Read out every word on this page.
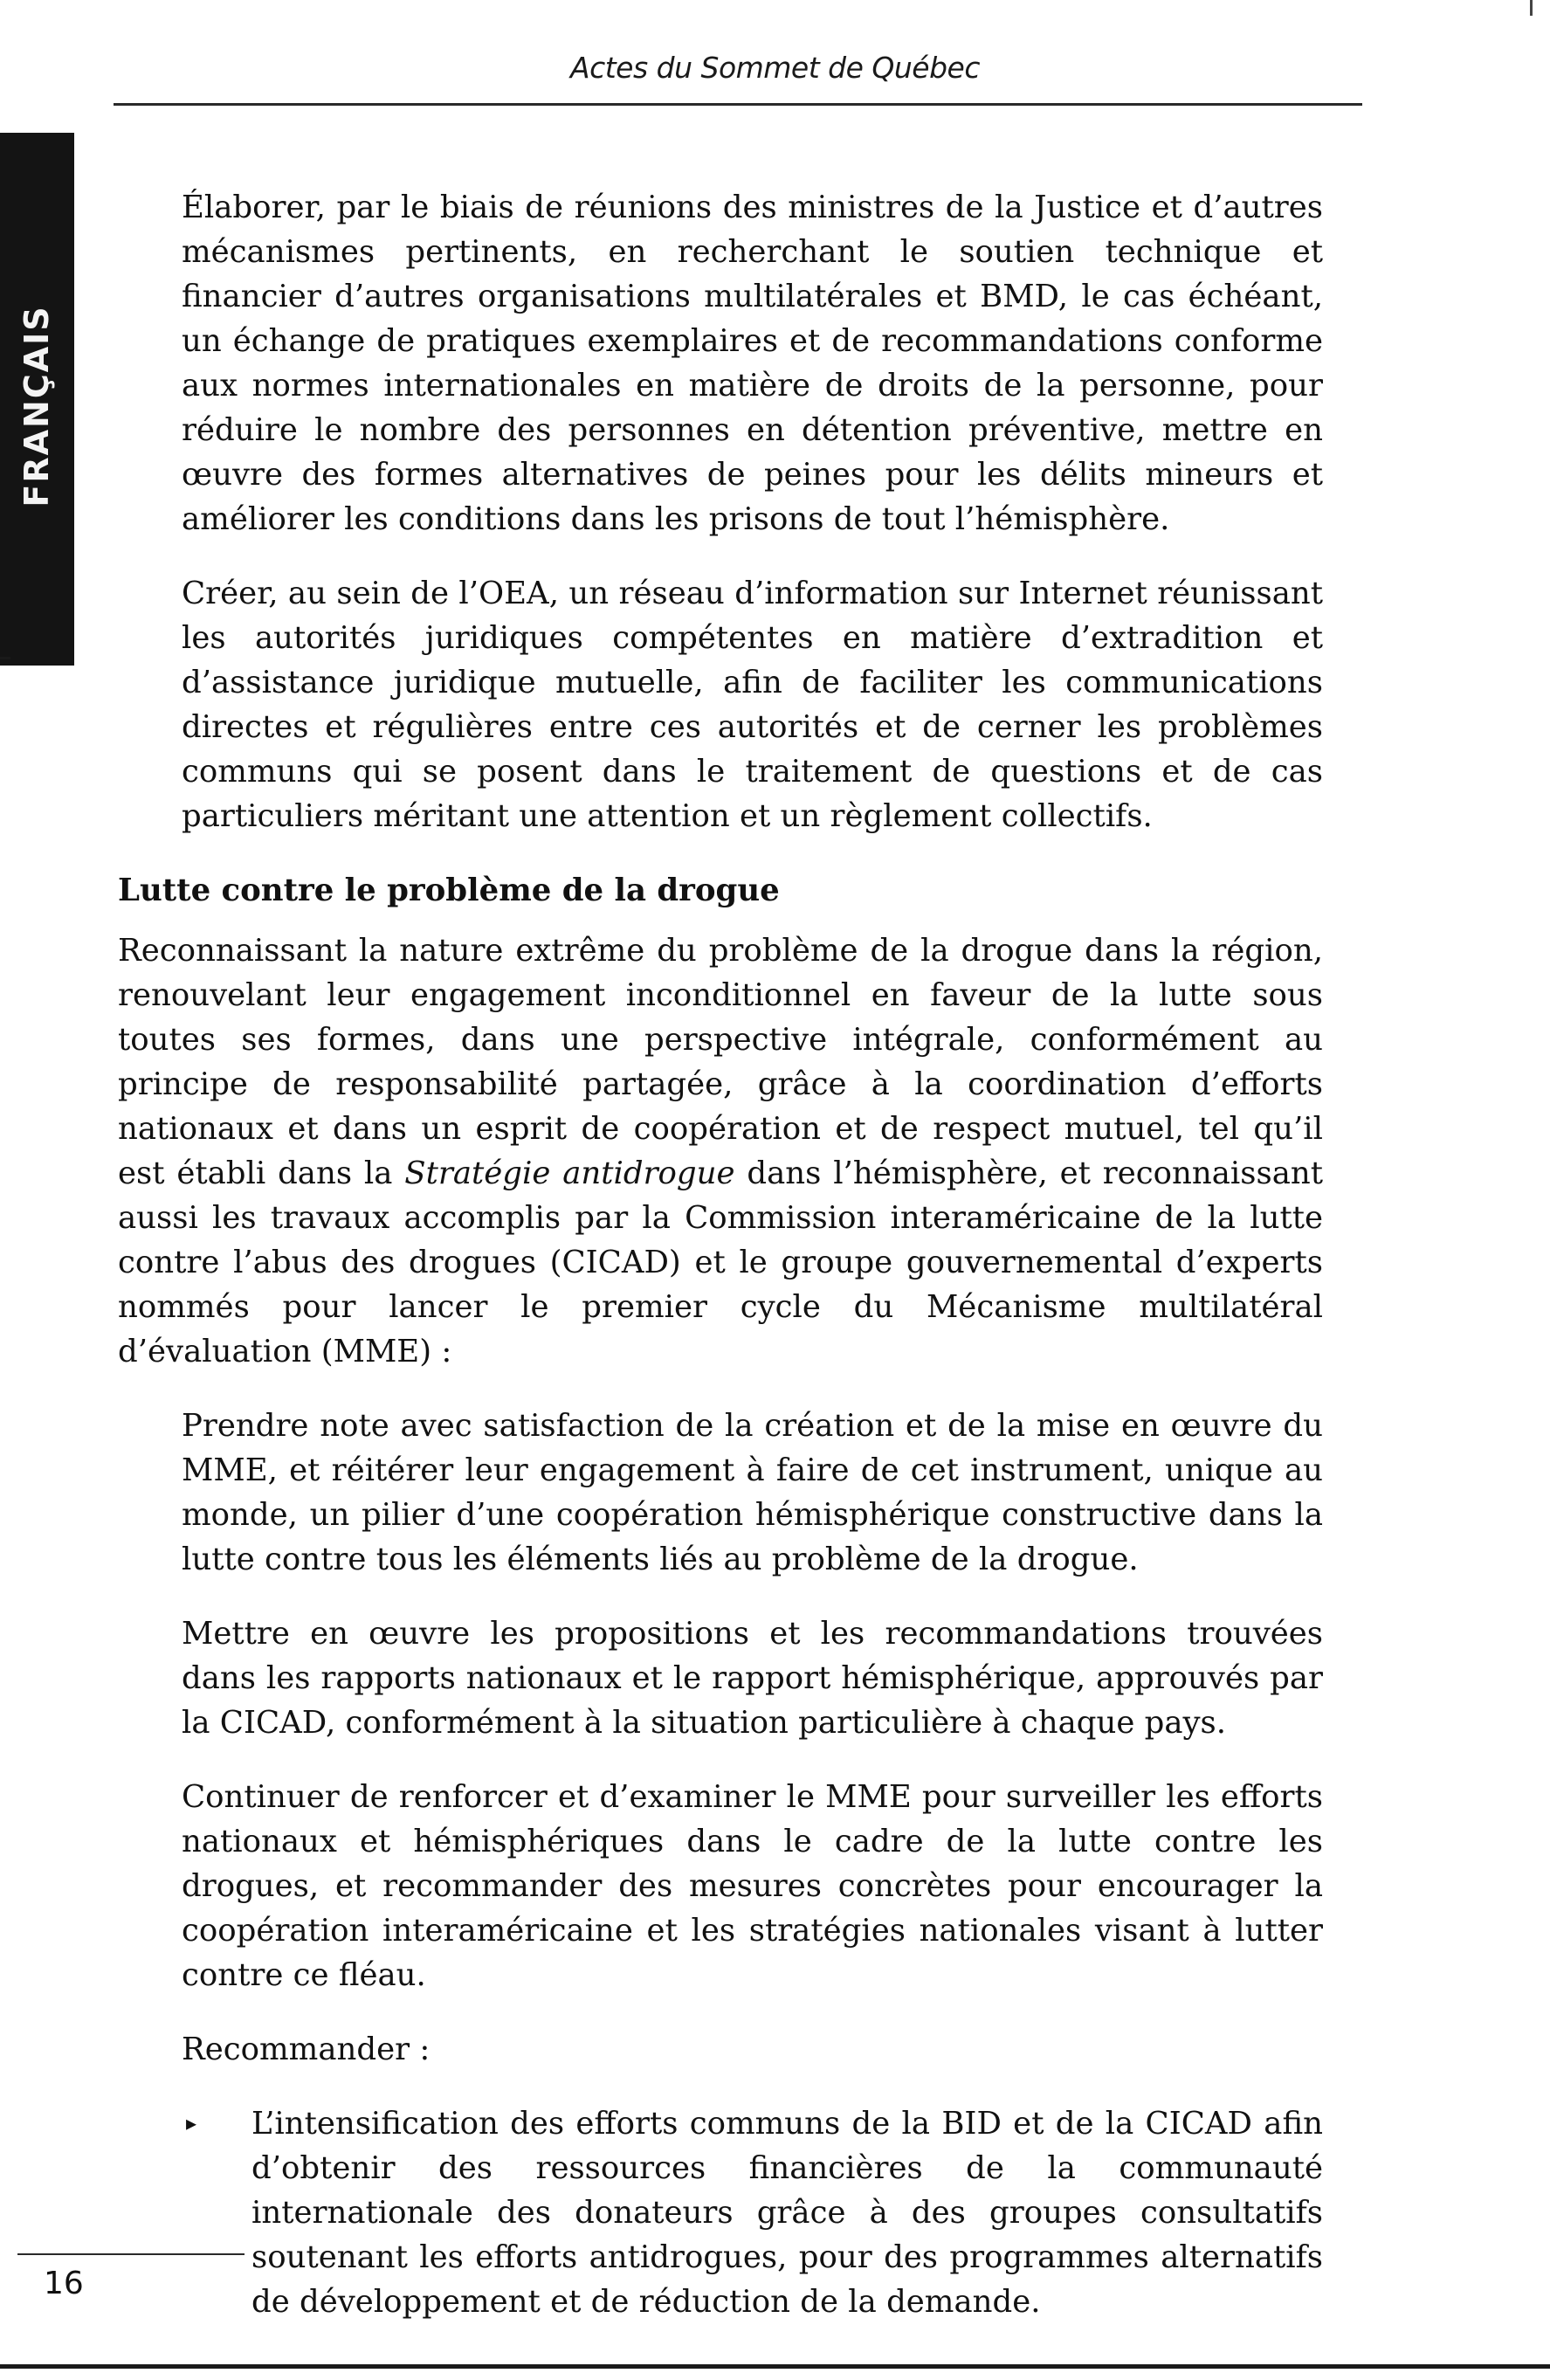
Actes du Sommet de Québec
FRANÇAIS

Élaborer, par le biais de réunions des ministres de la Justice et d’autres mécanismes pertinents, en recherchant le soutien technique et financier d’autres organisations multilatérales et BMD, le cas échéant, un échange de pratiques exemplaires et de recommandations conforme aux normes internationales en matière de droits de la personne, pour réduire le nombre des personnes en détention préventive, mettre en œuvre des formes alternatives de peines pour les délits mineurs et améliorer les conditions dans les prisons de tout l’hémisphère.

Créer, au sein de l’OEA, un réseau d’information sur Internet réunissant les autorités juridiques compétentes en matière d’extradition et d’assistance juridique mutuelle, afin de faciliter les communications directes et régulières entre ces autorités et de cerner les problèmes communs qui se posent dans le traitement de questions et de cas particuliers méritant une attention et un règlement collectifs.

Lutte contre le problème de la drogue

Reconnaissant la nature extrême du problème de la drogue dans la région, renouvelant leur engagement inconditionnel en faveur de la lutte sous toutes ses formes, dans une perspective intégrale, conformément au principe de responsabilité partagée, grâce à la coordination d’efforts nationaux et dans un esprit de coopération et de respect mutuel, tel qu’il est établi dans la Stratégie antidrogue dans l’hémisphère, et reconnaissant aussi les travaux accomplis par la Commission interaméricaine de la lutte contre l’abus des drogues (CICAD) et le groupe gouvernemental d’experts nommés pour lancer le premier cycle du Mécanisme multilatéral d’évaluation (MME) :

Prendre note avec satisfaction de la création et de la mise en œuvre du MME, et réitérer leur engagement à faire de cet instrument, unique au monde, un pilier d’une coopération hémisphérique constructive dans la lutte contre tous les éléments liés au problème de la drogue.

Mettre en œuvre les propositions et les recommandations trouvées dans les rapports nationaux et le rapport hémisphérique, approuvés par la CICAD, conformément à la situation particulière à chaque pays.

Continuer de renforcer et d’examiner le MME pour surveiller les efforts nationaux et hémisphériques dans le cadre de la lutte contre les drogues, et recommander des mesures concrètes pour encourager la coopération interaméricaine et les stratégies nationales visant à lutter contre ce fléau.

Recommander :

▸ L’intensification des efforts communs de la BID et de la CICAD afin d’obtenir des ressources financières de la communauté internationale des donateurs grâce à des groupes consultatifs soutenant les efforts antidrogues, pour des programmes alternatifs de développement et de réduction de la demande.

16
